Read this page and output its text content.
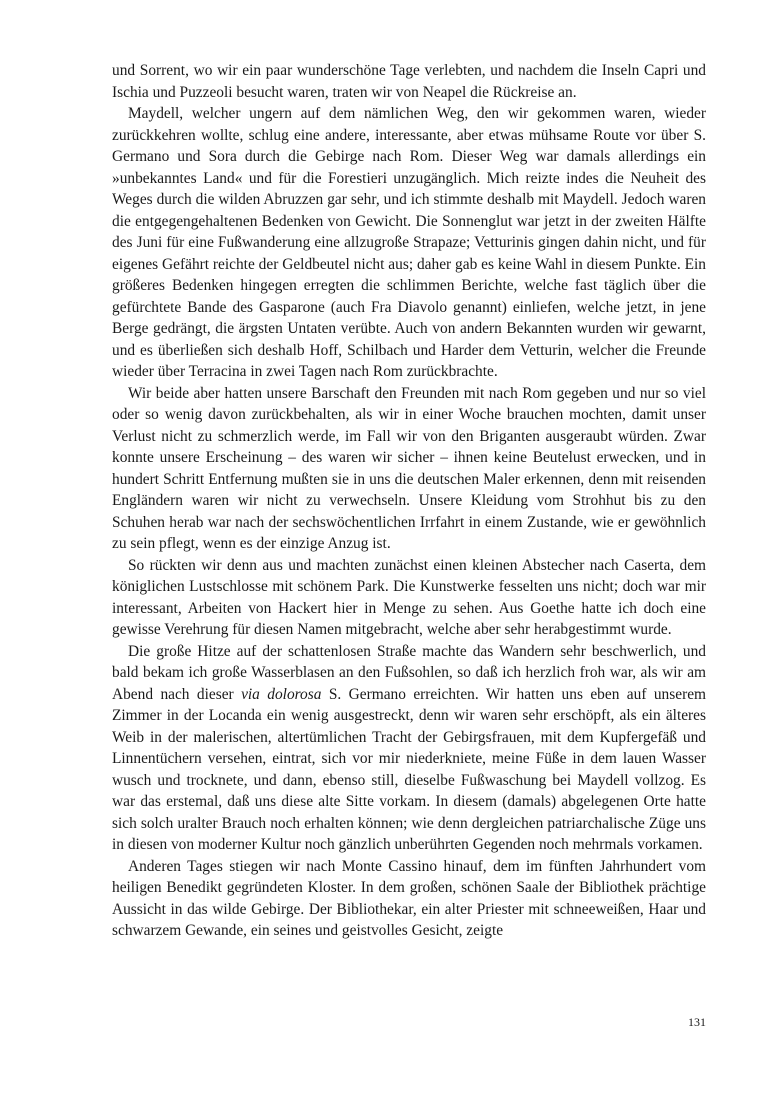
und Sorrent, wo wir ein paar wunderschöne Tage verlebten, und nachdem die Inseln Capri und Ischia und Puzzeoli besucht waren, traten wir von Neapel die Rückreise an.

Maydell, welcher ungern auf dem nämlichen Weg, den wir gekommen waren, wieder zurückkehren wollte, schlug eine andere, interessante, aber etwas mühsame Route vor über S. Germano und Sora durch die Gebirge nach Rom. Dieser Weg war damals allerdings ein »unbekanntes Land« und für die Forestieri unzugänglich. Mich reizte indes die Neuheit des Weges durch die wilden Abruzzen gar sehr, und ich stimmte deshalb mit Maydell. Jedoch waren die entgegengehaltenen Bedenken von Gewicht. Die Sonnenglut war jetzt in der zweiten Hälfte des Juni für eine Fußwanderung eine allzugroße Strapaze; Vetturinis gingen dahin nicht, und für eigenes Gefährt reichte der Geldbeutel nicht aus; daher gab es keine Wahl in diesem Punkte. Ein größeres Bedenken hingegen erregten die schlimmen Berichte, welche fast täglich über die gefürchtete Bande des Gasparone (auch Fra Diavolo genannt) einliefen, welche jetzt, in jene Berge gedrängt, die ärgsten Untaten verübte. Auch von andern Bekannten wurden wir gewarnt, und es überließen sich deshalb Hoff, Schilbach und Harder dem Vetturin, welcher die Freunde wieder über Terracina in zwei Tagen nach Rom zurückbrachte.

Wir beide aber hatten unsere Barschaft den Freunden mit nach Rom gegeben und nur so viel oder so wenig davon zurückbehalten, als wir in einer Woche brauchen mochten, damit unser Verlust nicht zu schmerzlich werde, im Fall wir von den Briganten ausgeraubt würden. Zwar konnte unsere Erscheinung – des waren wir sicher – ihnen keine Beutelust erwecken, und in hundert Schritt Entfernung mußten sie in uns die deutschen Maler erkennen, denn mit reisenden Engländern waren wir nicht zu verwechseln. Unsere Kleidung vom Strohhut bis zu den Schuhen herab war nach der sechswöchentlichen Irrfahrt in einem Zustande, wie er gewöhnlich zu sein pflegt, wenn es der einzige Anzug ist.

So rückten wir denn aus und machten zunächst einen kleinen Abstecher nach Caserta, dem königlichen Lustschlosse mit schönem Park. Die Kunstwerke fesselten uns nicht; doch war mir interessant, Arbeiten von Hackert hier in Menge zu sehen. Aus Goethe hatte ich doch eine gewisse Verehrung für diesen Namen mitgebracht, welche aber sehr herabgestimmt wurde.

Die große Hitze auf der schattenlosen Straße machte das Wandern sehr beschwerlich, und bald bekam ich große Wasserblasen an den Fußsohlen, so daß ich herzlich froh war, als wir am Abend nach dieser via dolorosa S. Germano erreichten. Wir hatten uns eben auf unserem Zimmer in der Locanda ein wenig ausgestreckt, denn wir waren sehr erschöpft, als ein älteres Weib in der malerischen, altertümlichen Tracht der Gebirgsfrauen, mit dem Kupfergefäß und Linnentüchern versehen, eintrat, sich vor mir niederkniete, meine Füße in dem lauen Wasser wusch und trocknete, und dann, ebenso still, dieselbe Fußwaschung bei Maydell vollzog. Es war das erstemal, daß uns diese alte Sitte vorkam. In diesem (damals) abgelegenen Orte hatte sich solch uralter Brauch noch erhalten können; wie denn dergleichen patriarchalische Züge uns in diesen von moderner Kultur noch gänzlich unberührten Gegenden noch mehrmals vorkamen.

Anderen Tages stiegen wir nach Monte Cassino hinauf, dem im fünften Jahrhundert vom heiligen Benedikt gegründeten Kloster. In dem großen, schönen Saale der Bibliothek prächtige Aussicht in das wilde Gebirge. Der Bibliothekar, ein alter Priester mit schneeweißen, Haar und schwarzem Gewande, ein seines und geistvolles Gesicht, zeigte

131
